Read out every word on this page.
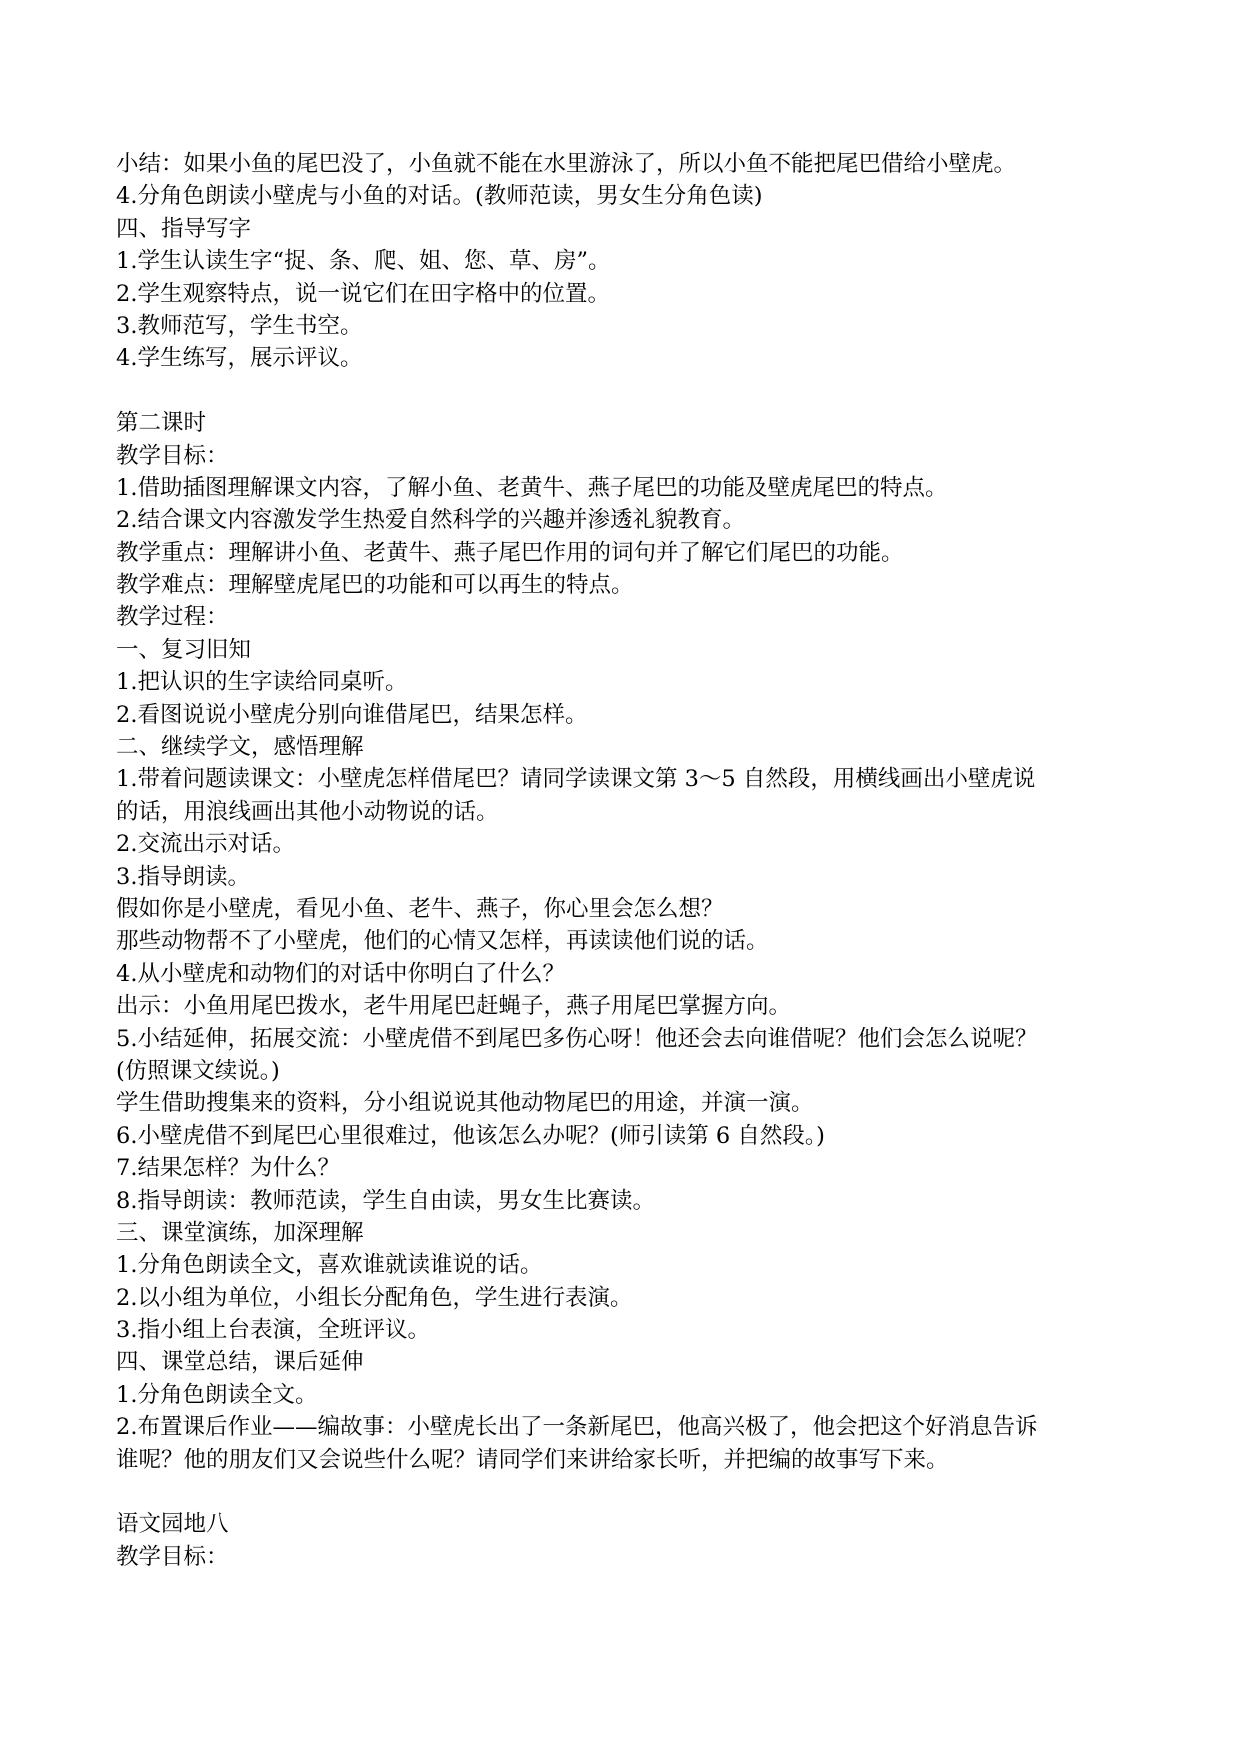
小结：如果小鱼的尾巴没了，小鱼就不能在水里游泳了，所以小鱼不能把尾巴借给小壁虎。

4.分角色朗读小壁虎与小鱼的对话。(教师范读，男女生分角色读)

四、指导写字

1.学生认读生字“捉、条、爬、姐、您、草、房”。

2.学生观察特点，说一说它们在田字格中的位置。

3.教师范写，学生书空。

4.学生练写，展示评议。

第二课时

教学目标：

1.借助插图理解课文内容，了解小鱼、老黄牛、燕子尾巴的功能及壁虎尾巴的特点。

2.结合课文内容激发学生热爱自然科学的兴趣并渗透礼貌教育。

教学重点：理解讲小鱼、老黄牛、燕子尾巴作用的词句并了解它们尾巴的功能。

教学难点：理解壁虎尾巴的功能和可以再生的特点。

教学过程：

一、复习旧知

1.把认识的生字读给同桌听。

2.看图说说小壁虎分别向谁借尾巴，结果怎样。

二、继续学文，感悟理解

1.带着问题读课文：小壁虎怎样借尾巴？请同学读课文第 3～5 自然段，用横线画出小壁虎说

的话，用浪线画出其他小动物说的话。

2.交流出示对话。

3.指导朗读。

假如你是小壁虎，看见小鱼、老牛、燕子，你心里会怎么想？

那些动物帮不了小壁虎，他们的心情又怎样，再读读他们说的话。

4.从小壁虎和动物们的对话中你明白了什么？

出示：小鱼用尾巴拨水，老牛用尾巴赶蝇子，燕子用尾巴掌握方向。

5.小结延伸，拓展交流：小壁虎借不到尾巴多伤心呀！他还会去向谁借呢？他们会怎么说呢？

(仿照课文续说。)

学生借助搜集来的资料，分小组说说其他动物尾巴的用途，并演一演。

6.小壁虎借不到尾巴心里很难过，他该怎么办呢？(师引读第 6 自然段。)

7.结果怎样？为什么？

8.指导朗读：教师范读，学生自由读，男女生比赛读。

三、课堂演练，加深理解

1.分角色朗读全文，喜欢谁就读谁说的话。

2.以小组为单位，小组长分配角色，学生进行表演。

3.指小组上台表演，全班评议。

四、课堂总结，课后延伸

1.分角色朗读全文。

2.布置课后作业——编故事：小壁虎长出了一条新尾巴，他高兴极了，他会把这个好消息告诉

谁呢？他的朋友们又会说些什么呢？请同学们来讲给家长听，并把编的故事写下来。

语文园地八

教学目标：
